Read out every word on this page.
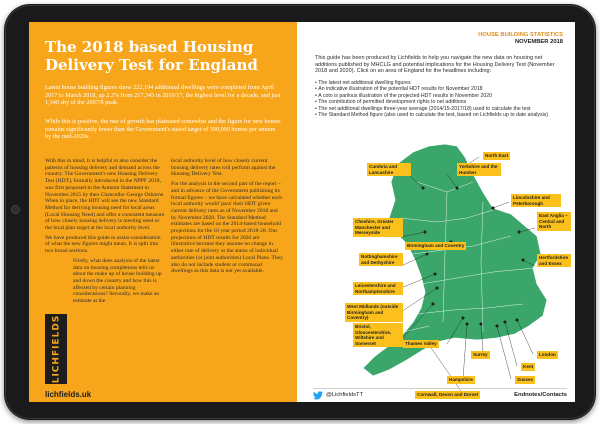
The 2018 based Housing Delivery Test for England

Latest house building figures show 222,194 additional dwellings were completed from April 2017 to March 2018, up 2.2% from 217,345 in 2016/17, the highest level for a decade, and just 1,340 shy of the 2007/8 peak.

While this is positive, the rate of growth has plateaued somewhat and the figure for new homes remains significantly lower than the Government's stated target of 300,000 homes per annum by the mid-2020s.

With this in mind, it is helpful to also consider the patterns of housing delivery and demand across the country. The Government's new Housing Delivery Test (HDT), formally introduced in the NPPF 2018, was first proposed in the Autumn Statement in November 2015 by then Chancellor George Osborne. When in place, the HDT will see the new Standard Method for deriving housing need for local areas (Local Housing Need) and offer a consistent measure of how closely housing delivery is meeting need or the local plan target at the local authority level.

We have produced this guide to assist consideration of what the new figures might mean. It is split into two broad sections.

Firstly, what does analysis of the latest data on housing completions tells us about the make up of house building up and down the country and how this is affected by certain planning considerations? Secondly, we make an estimate at the

local authority level of how closely current housing delivery rates will perform against the Housing Delivery Test.

For the analysis in the second part of the report – and in advance of the Government publishing its formal figures – we have calculated whether each local authority would 'pass' their HDT given current delivery rates as of November 2018 and by November 2020. The Standard Method estimates are based on the 2014-based household projections for the 10 year period 2018-28. Our projections of HDT results for 2020 are illustrative because they assume no change in either rate of delivery or the status of individual authorities (or joint authorities) Local Plans. They also do not include student or communal dwellings as this data is not yet available.

LICHFIELDS

lichfields.uk

HOUSE BUILDING STATISTICS
NOVEMBER 2018

This guide has been produced by Lichfields to help you navigate the new data on housing net additions published by MHCLG and potential implications for the Housing Delivery Test (November 2018 and 2020). Click on an area of England for the headlines including:

• The latest net additional dwelling figures
• An indicative illustration of the potential HDT results for November 2018
• A coto is parilous illustration of the projected HDT results in November 2020
• The contribution of permitted development rights to net additions
• The net additional dwellings three-year average (2014/15-2017/18) used to calculate the test
• The Standard Method figure (also used to calculate the test, based on Lichfields up to date analysis)
North East
Cumbria and Lancashire
Yorkshire and the Humber
Lincolnshire and Peterborough
Cheshire, Greater Manchester and Merseyside
Nottinghamshire and Derbyshire
East Anglia – Central and North
Hertfordshire and Essex
Leicestershire and Northamptonshire
Birmingham and Coventry
West Midlands (outside Birmingham and Coventry)
Bristol, Gloucestershire, Wiltshire and Somerset
London
Kent
Thames Valley
Surrey
Sussex
Hampshire
Cornwall, Devon and Dorset
@LichfieldsTT	Endnotes/Contacts
